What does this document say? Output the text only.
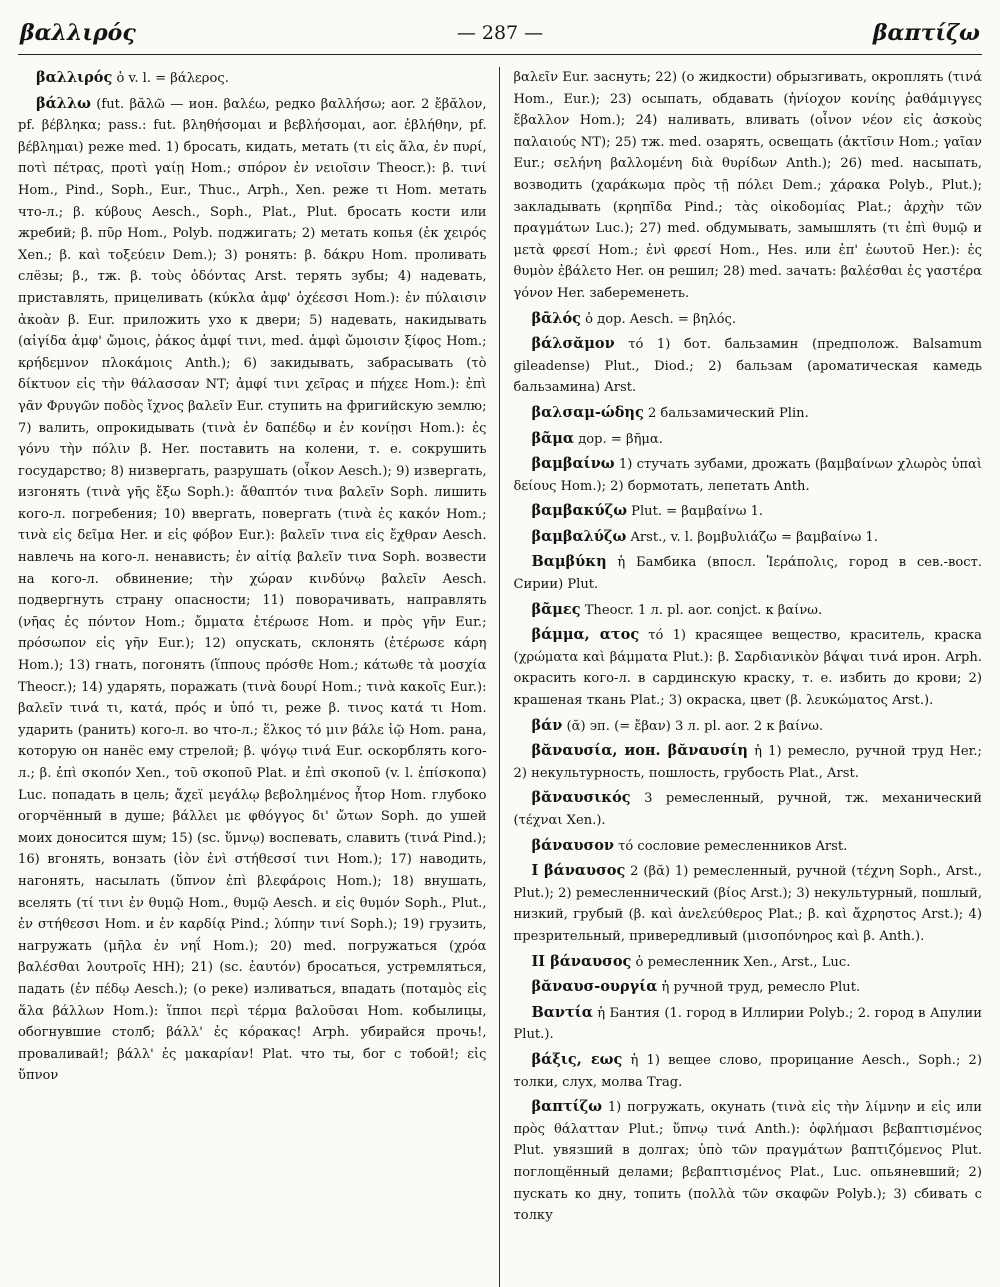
βαλλιρός	— 287 —	βαπτίζω

βαλλιρός ὁ v. l. = βάλερος.

βάλλω (fut. βᾰλῶ — ион. βαλέω, редко βαλλήσω; aor. 2 ἔβᾰλον, pf. βέβληκα; pass.: fut. βληθήσομαι и βεβλήσομαι, aor. ἐβλήθην, pf. βέβλημαι) реже med. 1) бросать, кидать, метать (τι εἰς ἅλα, ἐν πυρί, ποτὶ πέτρας, προτὶ γαίῃ Hom.; σπόρον ἐν νειοῖσιν Theocr.): β. τινί Hom., Pind., Soph., Eur., Thuc., Arph., Xen. реже τι Hom. метать что-л.; β. κύβους Aesch., Soph., Plat., Plut. бросать кости или жребий; β. πῦρ Hom., Polyb. поджигать; 2) метать копья (ἐκ χειρός Xen.; β. καὶ τοξεύειν Dem.); 3) ронять: β. δάκρυ Hom. проливать слёзы; β., тж. β. τοὺς ὀδόντας Arst. терять зубы; 4) надевать, приставлять, прицеливать (κύκλα ἀμφ' ὀχέεσσι Hom.): ἐν πύλαισιν ἀκοὰν β. Eur. приложить ухо к двери; 5) надевать, накидывать (αἰγίδα ἀμφ' ὤμοις, ῥάκος ἀμφί τινι, med. ἀμφὶ ὤμοισιν ξίφος Hom.; κρήδεμνον πλοκάμοις Anth.); 6) закидывать, забрасывать (τὸ δίκτυον εἰς τὴν θάλασσαν NT; ἀμφί τινι χεῖρας и πήχεε Hom.): ἐπὶ γᾶν Φρυγῶν ποδὸς ἴχνος βαλεῖν Eur. ступить на фригийскую землю; 7) валить, опрокидывать (τινὰ ἐν δαπέδῳ и ἐν κονίῃσι Hom.): ἐς γόνυ τὴν πόλιν β. Her. поставить на колени, т. е. сокрушить государство; 8) низвергать, разрушать (οἶκον Aesch.); 9) извергать, изгонять (τινὰ γῆς ἔξω Soph.): ἄθαπτόν τινα βαλεῖν Soph. лишить кого-л. погребения; 10) ввергать, повергать (τινὰ ἐς κακόν Hom.; τινὰ εἰς δεῖμα Her. и εἰς φόβον Eur.): βαλεῖν τινα εἰς ἔχθραν Aesch. навлечь на кого-л. ненависть; ἐν αἰτίᾳ βαλεῖν τινα Soph. возвести на кого-л. обвинение; τὴν χώραν κινδύνῳ βαλεῖν Aesch. подвергнуть страну опасности; 11) поворачивать, направлять (νῆας ἐς πόντον Hom.; ὄμματα ἑτέρωσε Hom. и πρὸς γῆν Eur.; πρόσωπον εἰς γῆν Eur.); 12) опускать, склонять (ἑτέρωσε κάρη Hom.); 13) гнать, погонять (ἵππους πρόσθε Hom.; κάτωθε τὰ μοσχία Theocr.); 14) ударять, поражать (τινὰ δουρί Hom.; τινὰ κακοῖς Eur.): βαλεῖν τινά τι, κατά, πρός и ὑπό τι, реже β. τινος κατά τι Hom. ударить (ранить) кого-л. во что-л.; ἕλκος τό μιν βάλε ἰῷ Hom. рана, которую он нанёс ему стрелой; β. ψόγῳ τινά Eur. оскорблять кого-л.; β. ἐπὶ σκοπόν Xen., τοῦ σκοποῦ Plat. и ἐπὶ σκοποῦ (v. l. ἐπίσκοπα) Luc. попадать в цель; ἄχεϊ μεγάλῳ βεβολημένος ἦτορ Hom. глубоко огорчённый в душе; βάλλει με φθόγγος δι' ὤτων Soph. до ушей моих доносится шум; 15) (sc. ὕμνῳ) воспевать, славить (τινά Pind.); 16) вгонять, вонзать (ἰὸν ἐνὶ στήθεσσί τινι Hom.); 17) наводить, нагонять, насылать (ὕπνον ἐπὶ βλεφάροις Hom.); 18) внушать, вселять (τί τινι ἐν θυμῷ Hom., θυμῷ Aesch. и εἰς θυμόν Soph., Plut., ἐν στήθεσσι Hom. и ἐν καρδίᾳ Pind.; λύπην τινί Soph.); 19) грузить, нагружать (μῆλα ἐν νηΐ Hom.); 20) med. погружаться (χρόα βαλέσθαι λουτροῖς HH); 21) (sc. ἑαυτόν) бросаться, устремляться, падать (ἐν πέδῳ Aesch.); (о реке) изливаться, впадать (ποταμὸς εἰς ἅλα βάλλων Hom.): ἵπποι περὶ τέρμα βαλοῦσαι Hom. кобылицы, обогнувшие столб; βάλλ' ἐς κόρακας! Arph. убирайся прочь!, проваливай!; βάλλ' ἐς μακαρίαν! Plat. что ты, бог с тобой!; εἰς ὕπνον

βαλεῖν Eur. заснуть; 22) (о жидкости) обрызгивать, окроплять (τινά Hom., Eur.); 23) осыпать, обдавать (ἡνίοχον κονίης ῥαθάμιγγες ἔβαλλον Hom.); 24) наливать, вливать (οἶνον νέον εἰς ἀσκοὺς παλαιούς NT); 25) тж. med. озарять, освещать (ἀκτῖσιν Hom.; γαῖαν Eur.; σελήνη βαλλομένη διὰ θυρίδων Anth.); 26) med. насыпать, возводить (χαράκωμα πρὸς τῇ πόλει Dem.; χάρακα Polyb., Plut.); закладывать (κρηπῖδα Pind.; τὰς οἰκοδομίας Plat.; ἀρχὴν τῶν πραγμάτων Luc.); 27) med. обдумывать, замышлять (τι ἐπὶ θυμῷ и μετὰ φρεσί Hom.; ἐνὶ φρεσί Hom., Hes. или ἐπ' ἑωυτοῦ Her.): ἐς θυμὸν ἐβάλετο Her. он решил; 28) med. зачать: βαλέσθαι ἐς γαστέρα γόνον Her. забеременеть.

βᾱλός ὁ дор. Aesch. = βηλός.

βάλσᾰμον τό 1) бот. бальзамин (предполож. Balsamum gileadense) Plut., Diod.; 2) бальзам (ароматическая камедь бальзамина) Arst.

βαλσαμ-ώδης 2 бальзамический Plin.

βᾶμα дор. = βῆμα.

βαμβαίνω 1) стучать зубами, дрожать (βαμβαίνων χλωρὸς ὑπαὶ δείους Hom.); 2) бормотать, лепетать Anth.

βαμβακύζω Plut. = βαμβαίνω 1.

βαμβαλύζω Arst., v. l. βομβυλιάζω = βαμβαίνω 1.

Βαμβύκη ἡ Бамбика (впосл. Ἱεράπολις, город в сев.-вост. Сирии) Plut.

βᾶμες Theocr. 1 л. pl. aor. conjct. к βαίνω.

βάμμα, ατος τό 1) красящее вещество, краситель, краска (χρώματα καὶ βάμματα Plut.): β. Σαρδιανικὸν βάψαι τινά ирон. Arph. окрасить кого-л. в сардинскую краску, т. е. избить до крови; 2) крашеная ткань Plat.; 3) окраска, цвет (β. λευκώματος Arst.).

βάν (ᾰ) эп. (= ἔβαν) 3 л. pl. aor. 2 к βαίνω.

βᾰναυσία, ион. βᾰναυσίη ἡ 1) ремесло, ручной труд Her.; 2) некультурность, пошлость, грубость Plat., Arst.

βᾰναυσικός 3 ремесленный, ручной, тж. механический (τέχναι Xen.).

βάναυσον τό сословие ремесленников Arst.

I βάναυσος 2 (βᾰ) 1) ремесленный, ручной (τέχνη Soph., Arst., Plut.); 2) ремесленнический (βίος Arst.); 3) некультурный, пошлый, низкий, грубый (β. καὶ ἀνελεύθερος Plat.; β. καὶ ἄχρηστος Arst.); 4) презрительный, привередливый (μισοπόνηρος καὶ β. Anth.).

II βάναυσος ὁ ремесленник Xen., Arst., Luc.

βᾰναυσ-ουργία ἡ ручной труд, ремесло Plut.

Βαντία ἡ Бантия (1. город в Иллирии Polyb.; 2. город в Апулии Plut.).

βάξις, εως ἡ 1) вещее слово, прорицание Aesch., Soph.; 2) толки, слух, молва Trag.

βαπτίζω 1) погружать, окунать (τινὰ εἰς τὴν λίμνην и εἰς или πρὸς θάλατταν Plut.; ὕπνῳ τινά Anth.): ὀφλήμασι βεβαπτισμένος Plut. увязший в долгах; ὑπὸ τῶν πραγμάτων βαπτιζόμενος Plut. поглощённый делами; βεβαπτισμένος Plat., Luc. опьяневший; 2) пускать ко дну, топить (πολλὰ τῶν σκαφῶν Polyb.); 3) сбивать с толку
